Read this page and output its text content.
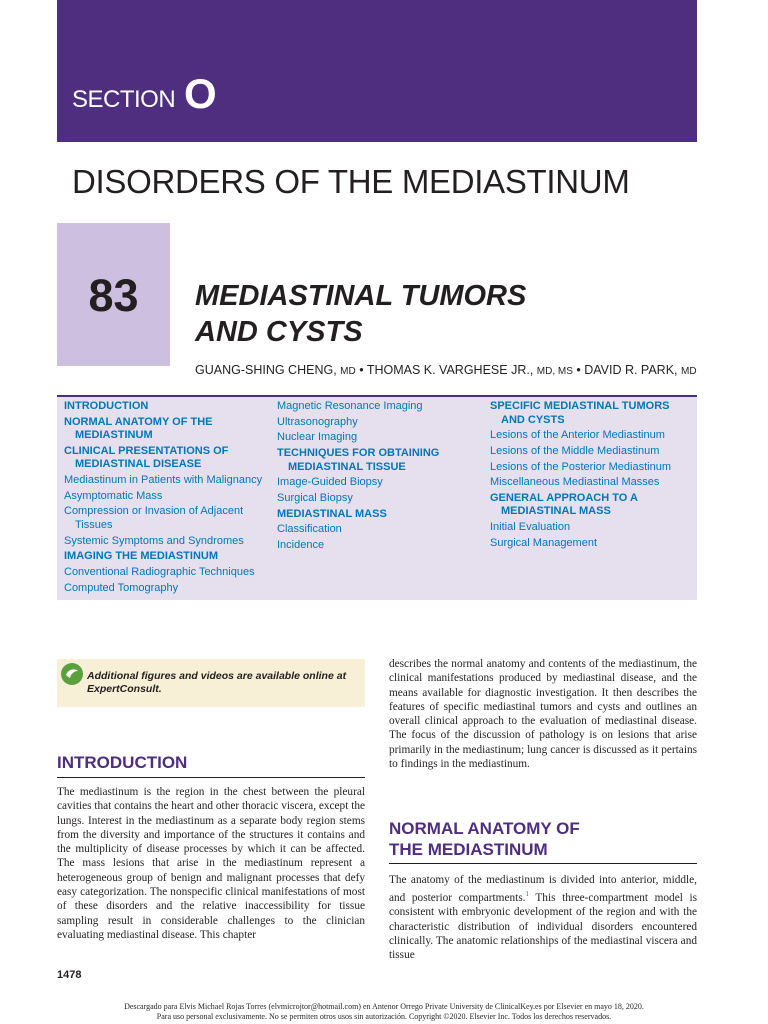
SECTION O
DISORDERS OF THE MEDIASTINUM
83	MEDIASTINAL TUMORS
AND CYSTS
GUANG-SHING CHENG, MD • THOMAS K. VARGHESE JR., MD, MS • DAVID R. PARK, MD
INTRODUCTION
NORMAL ANATOMY OF THE MEDIASTINUM
CLINICAL PRESENTATIONS OF MEDIASTINAL DISEASE
Mediastinum in Patients with Malignancy
Asymptomatic Mass
Compression or Invasion of Adjacent Tissues
Systemic Symptoms and Syndromes
IMAGING THE MEDIASTINUM
Conventional Radiographic Techniques
Computed Tomography
Magnetic Resonance Imaging
Ultrasonography
Nuclear Imaging
TECHNIQUES FOR OBTAINING MEDIASTINAL TISSUE
Image-Guided Biopsy
Surgical Biopsy
MEDIASTINAL MASS
Classification
Incidence
SPECIFIC MEDIASTINAL TUMORS AND CYSTS
Lesions of the Anterior Mediastinum
Lesions of the Middle Mediastinum
Lesions of the Posterior Mediastinum
Miscellaneous Mediastinal Masses
GENERAL APPROACH TO A MEDIASTINAL MASS
Initial Evaluation
Surgical Management
Additional figures and videos are available online at
ExpertConsult.
INTRODUCTION
The mediastinum is the region in the chest between the pleural cavities that contains the heart and other thoracic viscera, except the lungs. Interest in the mediastinum as a separate body region stems from the diversity and importance of the structures it contains and the multiplicity of disease processes by which it can be affected. The mass lesions that arise in the mediastinum represent a heterogeneous group of benign and malignant processes that defy easy categorization. The nonspecific clinical manifestations of most of these disorders and the relative inaccessibility for tissue sampling result in considerable challenges to the clinician evaluating mediastinal disease. This chapter
describes the normal anatomy and contents of the mediastinum, the clinical manifestations produced by mediastinal disease, and the means available for diagnostic investigation. It then describes the features of specific mediastinal tumors and cysts and outlines an overall clinical approach to the evaluation of mediastinal disease. The focus of the discussion of pathology is on lesions that arise primarily in the mediastinum; lung cancer is discussed as it pertains to findings in the mediastinum.
NORMAL ANATOMY OF
THE MEDIASTINUM
The anatomy of the mediastinum is divided into anterior, middle, and posterior compartments.$^1$ This three-compartment model is consistent with embryonic development of the region and with the characteristic distribution of individual disorders encountered clinically. The anatomic relationships of the mediastinal viscera and tissue
1478
Descargado para Elvis Michael Rojas Torres (elvmicrojtor@hotmail.com) en Antenor Orrego Private University de ClinicalKey.es por Elsevier en mayo 18, 2020.
Para uso personal exclusivamente. No se permiten otros usos sin autorización. Copyright ©2020. Elsevier Inc. Todos los derechos reservados.
